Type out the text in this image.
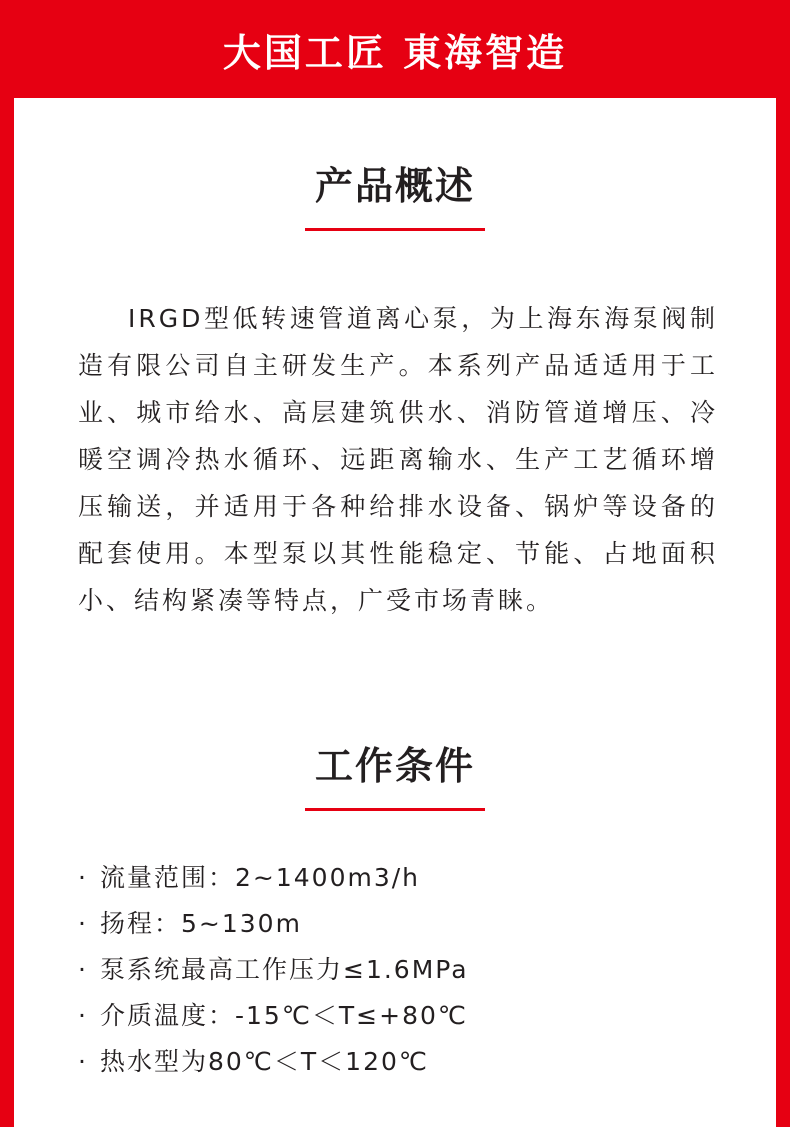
大国工匠 東海智造
产品概述
IRGD型低转速管道离心泵，为上海东海泵阀制造有限公司自主研发生产。本系列产品适适用于工业、城市给水、高层建筑供水、消防管道增压、冷暖空调冷热水循环、远距离输水、生产工艺循环增压输送，并适用于各种给排水设备、锅炉等设备的配套使用。本型泵以其性能稳定、节能、占地面积小、结构紧凑等特点，广受市场青睐。
工作条件
· 流量范围：2~1400m3/h
· 扬程：5~130m
· 泵系统最高工作压力≤1.6MPa
· 介质温度：-15℃＜T≤+80℃
· 热水型为80℃＜T＜120℃
